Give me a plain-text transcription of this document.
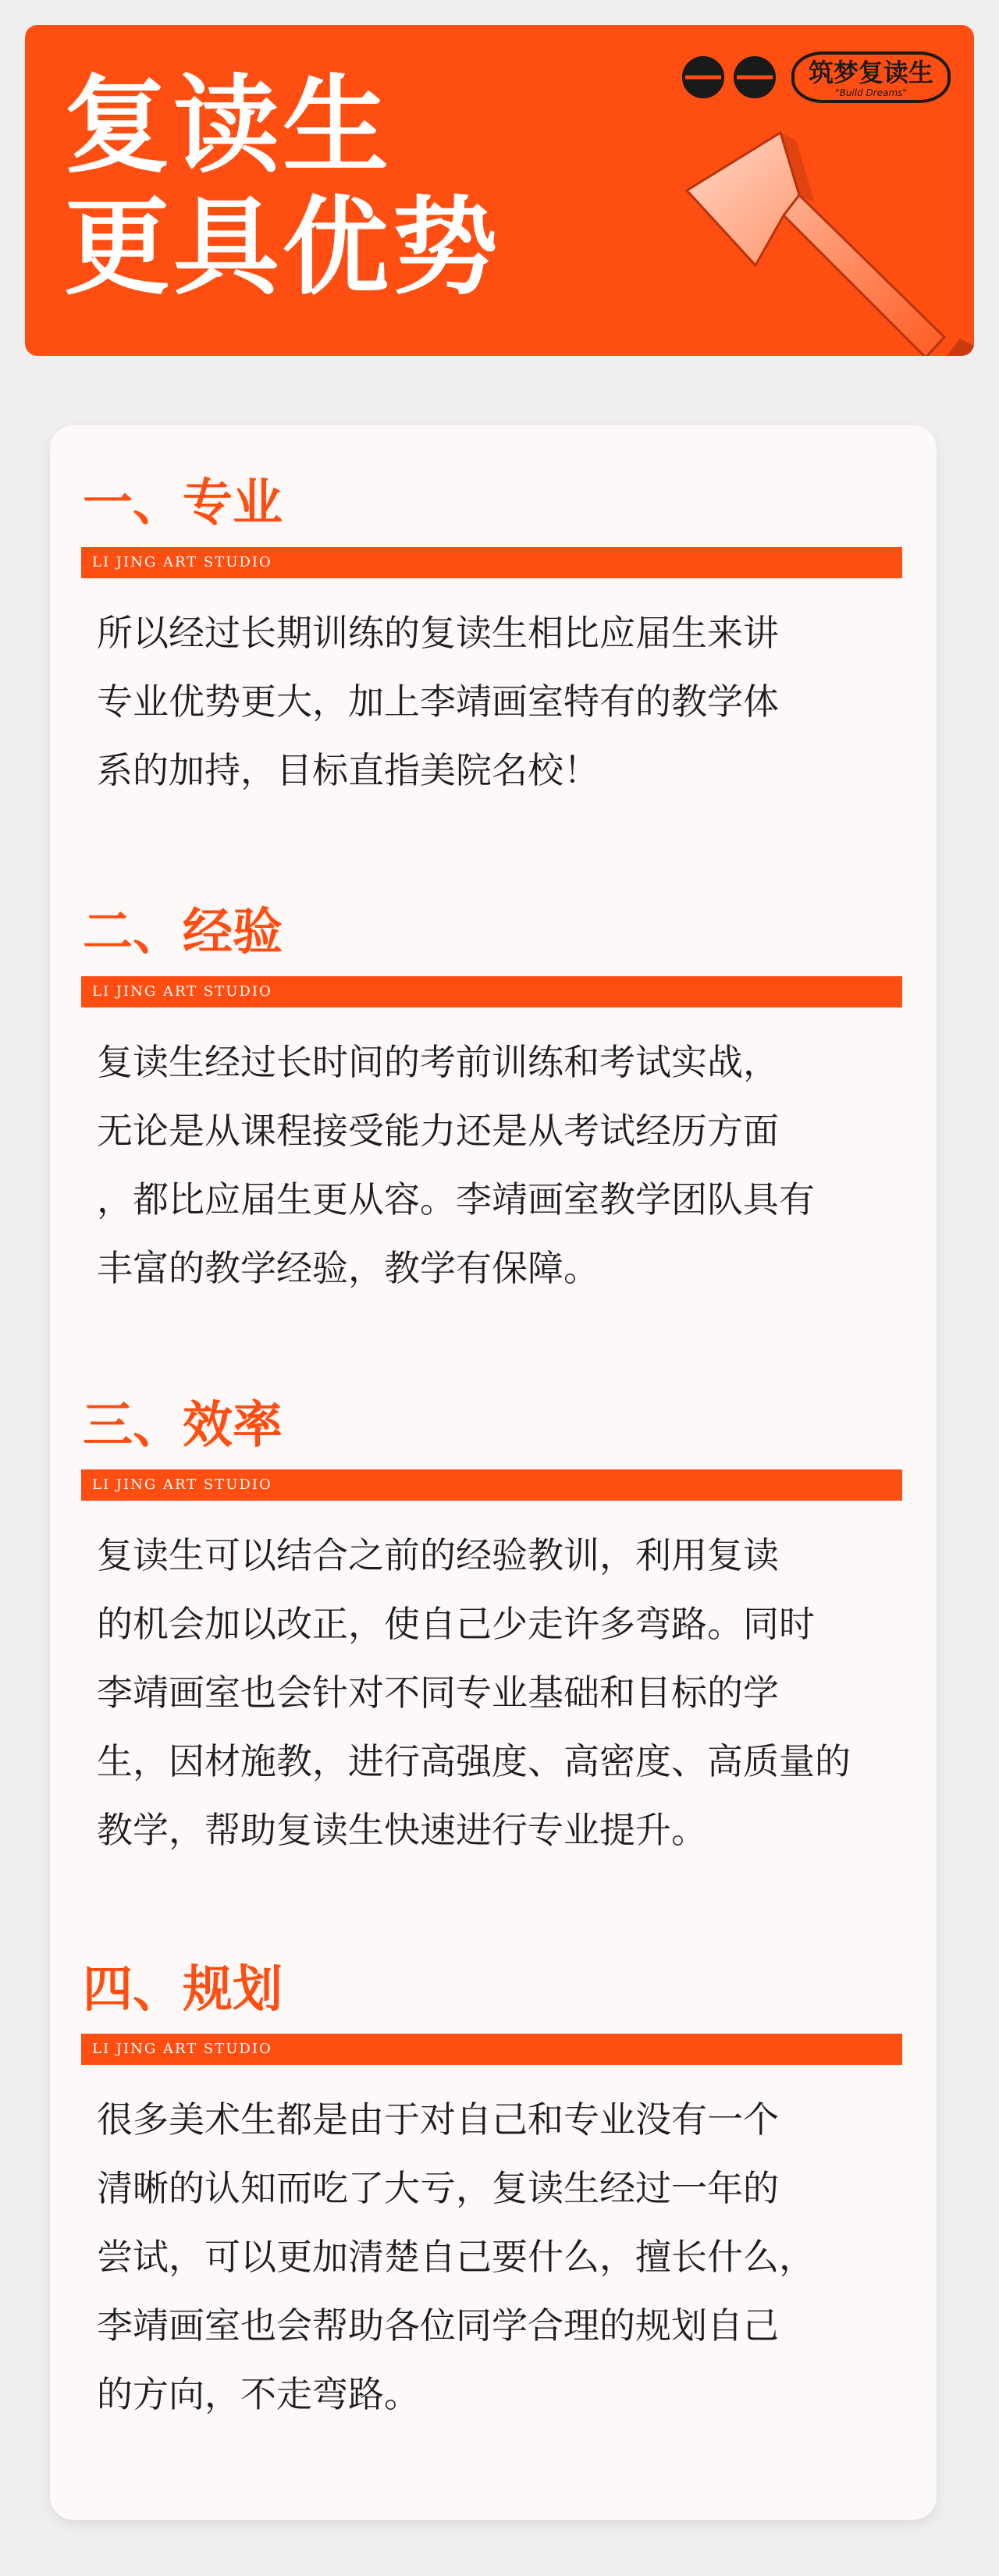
复读生
更具优势
筑梦复读生
"Build Dreams"
一、专业
LI JING ART STUDIO
所以经过长期训练的复读生相比应届生来讲
专业优势更大，加上李靖画室特有的教学体
系的加持，目标直指美院名校！
二、经验
LI JING ART STUDIO
复读生经过长时间的考前训练和考试实战，
无论是从课程接受能力还是从考试经历方面
，都比应届生更从容。李靖画室教学团队具有
丰富的教学经验，教学有保障。
三、效率
LI JING ART STUDIO
复读生可以结合之前的经验教训，利用复读
的机会加以改正，使自己少走许多弯路。同时
李靖画室也会针对不同专业基础和目标的学
生，因材施教，进行高强度、高密度、高质量的
教学，帮助复读生快速进行专业提升。
四、规划
LI JING ART STUDIO
很多美术生都是由于对自己和专业没有一个
清晰的认知而吃了大亏，复读生经过一年的
尝试，可以更加清楚自己要什么，擅长什么，
李靖画室也会帮助各位同学合理的规划自己
的方向，不走弯路。
